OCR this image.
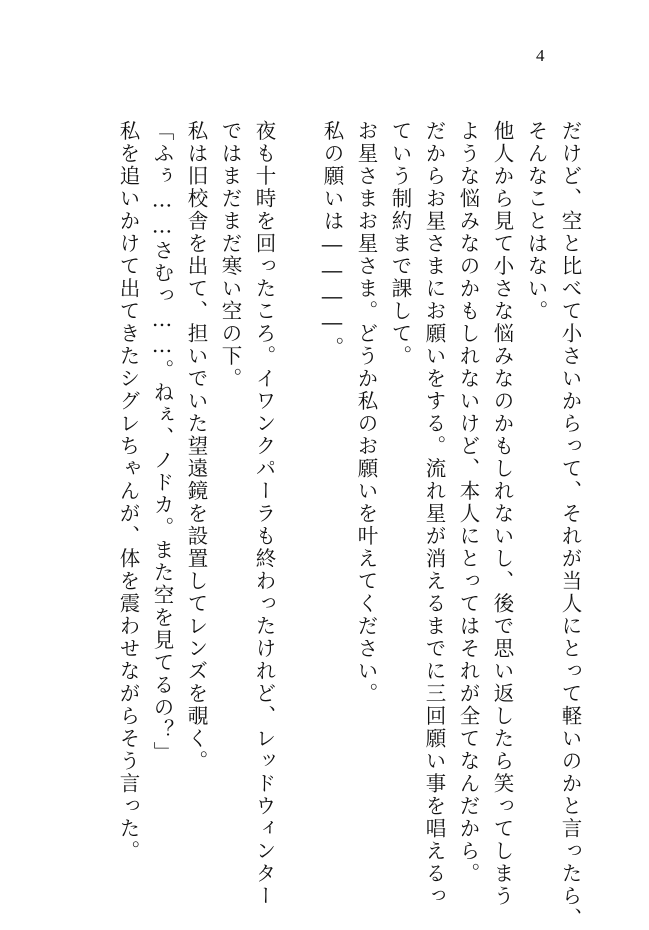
4
だけど、空と比べて小さいからって、それが当人にとって軽いのかと言ったら、
そんなことはない。
他人から見て小さな悩みなのかもしれないし、後で思い返したら笑ってしまう
ような悩みなのかもしれないけど、本人にとってはそれが全てなんだから。
だからお星さまにお願いをする。流れ星が消えるまでに三回願い事を唱えるっ
ていう制約まで課して。
お星さまお星さま。どうか私のお願いを叶えてください。
私の願いは――――。
夜も十時を回ったころ。イワンクパーラも終わったけれど、レッドウィンター
ではまだまだ寒い空の下。
私は旧校舎を出て、担いでいた望遠鏡を設置してレンズを覗く。
「ふぅ……さむっ……。ねぇ、ノドカ。また空を見てるの？」
私を追いかけて出てきたシグレちゃんが、体を震わせながらそう言った。
